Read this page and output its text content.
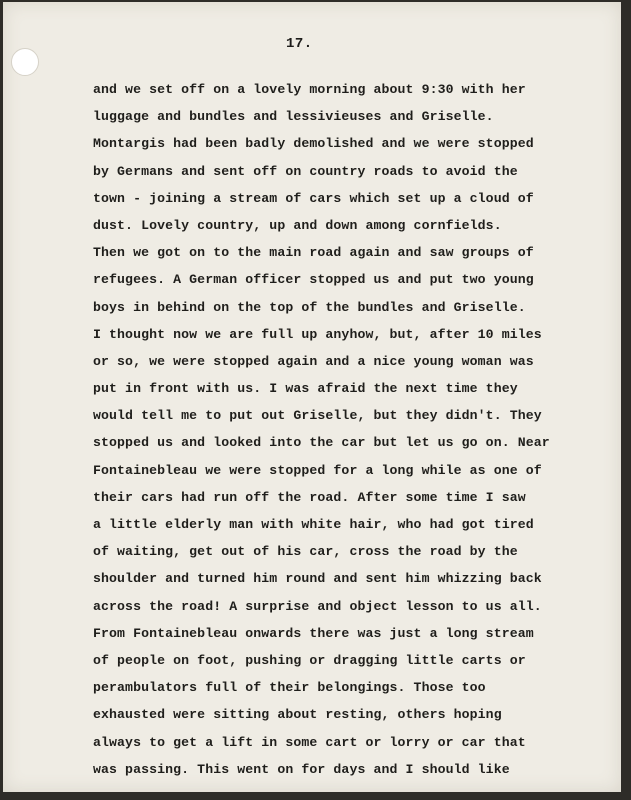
17.
and we set off on a lovely morning about 9:30 with her
luggage and bundles and lessivieuses and Griselle.
Montargis had been badly demolished and we were stopped
by Germans and sent off on country roads to avoid the
town - joining a stream of cars which set up a cloud of
dust. Lovely country, up and down among cornfields.
Then we got on to the main road again and saw groups of
refugees. A German officer stopped us and put two young
boys in behind on the top of the bundles and Griselle.
I thought now we are full up anyhow, but, after 10 miles
or so, we were stopped again and a nice young woman was
put in front with us. I was afraid the next time they
would tell me to put out Griselle, but they didn't. They
stopped us and looked into the car but let us go on. Near
Fontainebleau we were stopped for a long while as one of
their cars had run off the road. After some time I saw
a little elderly man with white hair, who had got tired
of waiting, get out of his car, cross the road by the
shoulder and turned him round and sent him whizzing back
across the road! A surprise and object lesson to us all.
From Fontainebleau onwards there was just a long stream
of people on foot, pushing or dragging little carts or
perambulators full of their belongings. Those too
exhausted were sitting about resting, others hoping
always to get a lift in some cart or lorry or car that
was passing. This went on for days and I should like
